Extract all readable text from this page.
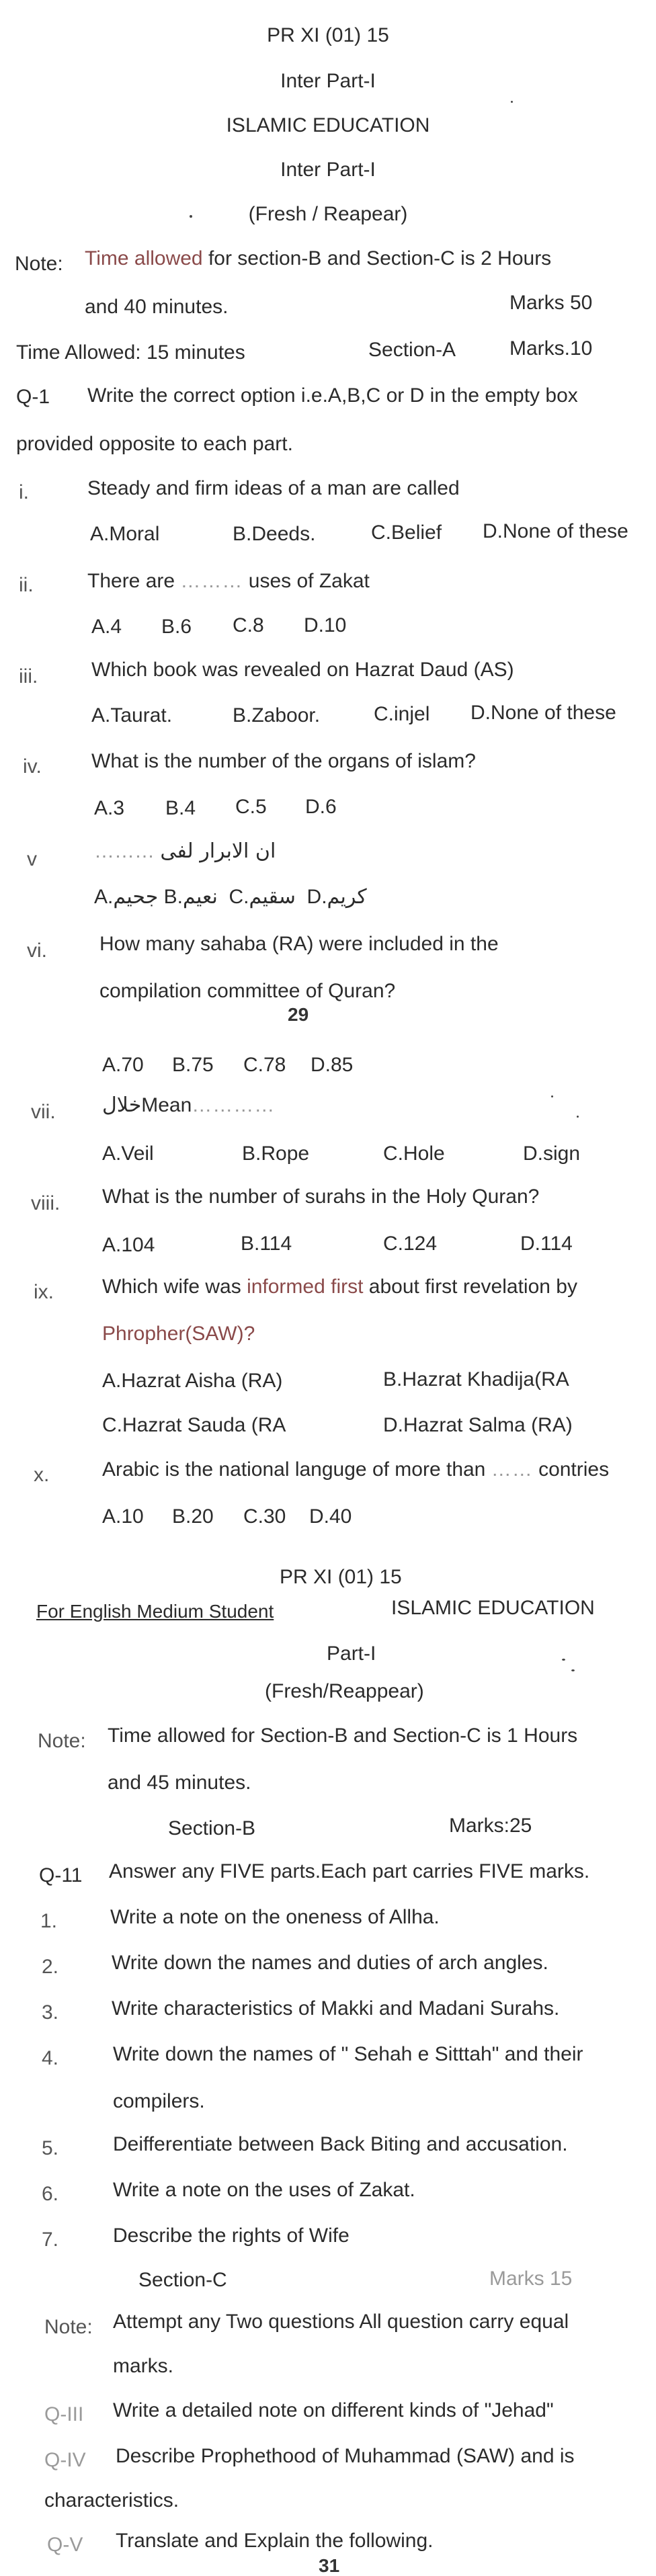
PR XI (01) 15
Inter Part-I
ISLAMIC EDUCATION
Inter Part-I
(Fresh / Reapear)
Note: Time allowed for section-B and Section-C is 2 Hours
and 40 minutes.	Marks 50
Time Allowed: 15 minutes	Section-A	Marks.10
Q-1 Write the correct option i.e.A,B,C or D in the empty box
provided opposite to each part.
i.	Steady and firm ideas of a man are called
A.Moral	B.Deeds.	C.Belief D.None of these
ii.	There are ……… uses of Zakat
A.4 B.6 C.8 D.10
iii.	Which book was revealed on Hazrat Daud (AS)
A.Taurat.	B.Zaboor.	C.injel D.None of these
iv. What is the number of the organs of islam?
A.3 B.4 C.5 D.6
v	……… ان الابرار لفی
A.جحیم B.نعیم C.سقیم D.کریم
vi.	How many sahaba (RA) were included in the
compilation committee of Quran?
29
A.70 B.75 C.78 D.85
vii. خلالMean…………
A.Veil	B.Rope	C.Hole	D.sign
viii. What is the number of surahs in the Holy Quran?
A.104	B.114	C.124	D.114
ix. Which wife was informed first about first revelation by
Phropher(SAW)?
A.Hazrat Aisha (RA)	B.Hazrat Khadija(RA
C.Hazrat Sauda (RA	D.Hazrat Salma (RA)
x.	Arabic is the national languge of more than …… contries
A.10 B.20 C.30 D.40
PR XI (01) 15
For English Medium Student	ISLAMIC EDUCATION
Part-I
(Fresh/Reappear)
Note: Time allowed for Section-B and Section-C is 1 Hours
and 45 minutes.
Section-B	Marks:25
Q-11 Answer any FIVE parts.Each part carries FIVE marks.
1.	Write a note on the oneness of Allha.
2.	Write down the names and duties of arch angles.
3.	Write characteristics of Makki and Madani Surahs.
4.	Write down the names of " Sehah e Sitttah" and their
compilers.
5.	Deifferentiate between Back Biting and accusation.
6.	Write a note on the uses of Zakat.
7.	Describe the rights of Wife
Section-C	Marks 15
Note: Attempt any Two questions All question carry equal
marks.
Q-III Write a detailed note on different kinds of "Jehad"
Q-IV Describe Prophethood of Muhammad (SAW) and is
characteristics.
Q-V Translate and Explain the following.
31
